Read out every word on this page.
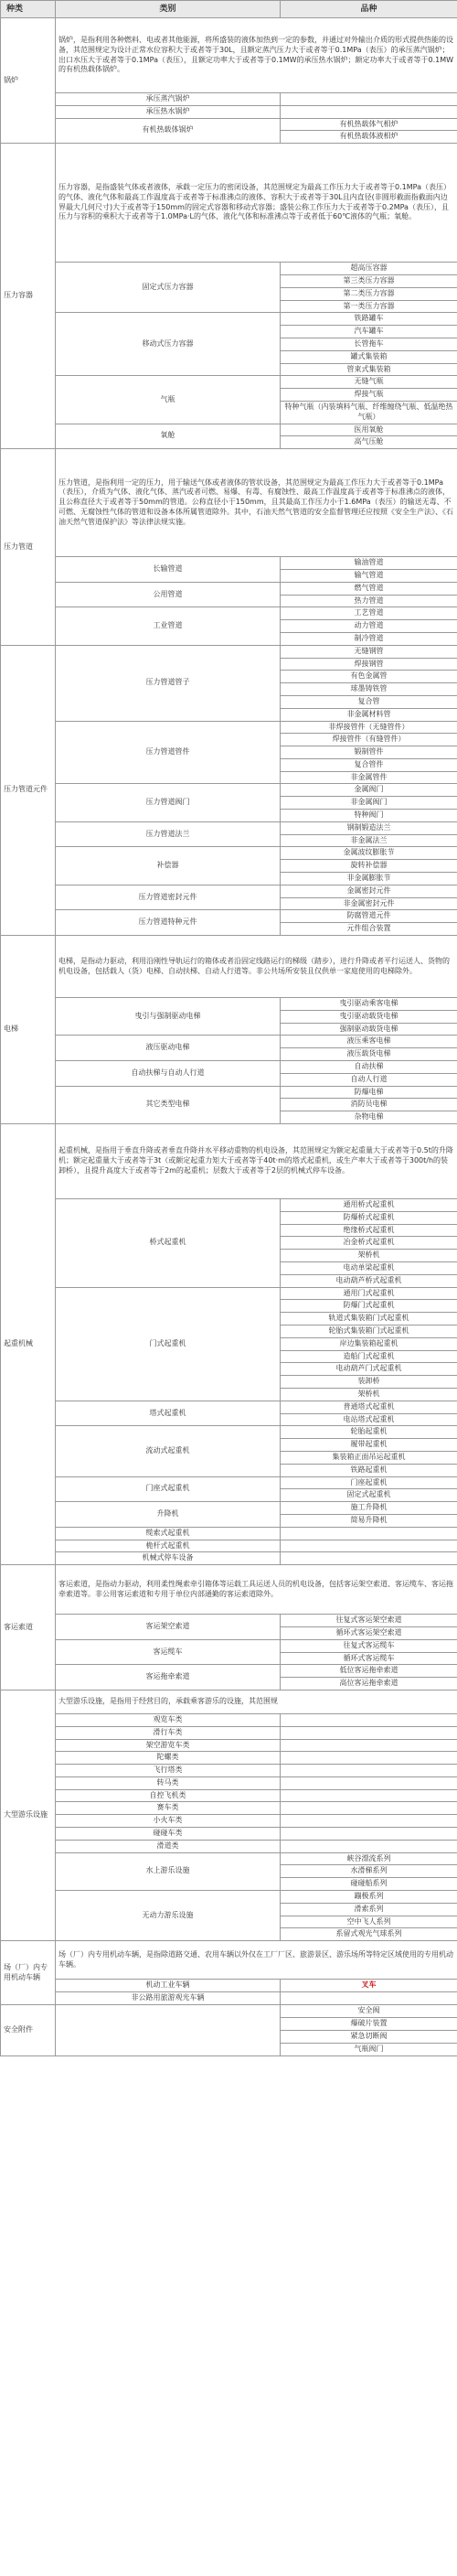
种类	类别	品种
锅炉	锅炉，是指利用各种燃料、电或者其他能源，将所盛装的液体加热到一定的参数，并通过对外输出介质的形式提供热能的设备，其范围规定为设计正常水位容积大于或者等于30L，且额定蒸汽压力大于或者等于0.1MPa（表压）的承压蒸汽锅炉；出口水压大于或者等于0.1MPa（表压），且额定功率大于或者等于0.1MW的承压热水锅炉；额定功率大于或者等于0.1MW的有机热载体锅炉。	
	承压蒸汽锅炉	
	承压热水锅炉	
	有机热载体锅炉	有机热载体气相炉
		有机热载体液相炉
压力容器	压力容器，是指盛装气体或者液体，承载一定压力的密闭设备，其范围规定为最高工作压力大于或者等于0.1MPa（表压）的气体、液化气体和最高工作温度高于或者等于标准沸点的液体、容积大于或者等于30L且内直径(非圆形截面指截面内边界最大几何尺寸)大于或者等于150mm的固定式容器和移动式容器；盛装公称工作压力大于或者等于0.2MPa（表压），且压力与容积的乘积大于或者等于1.0MPa·L的气体、液化气体和标准沸点等于或者低于60℃液体的气瓶；氧舱。	
	固定式压力容器	超高压容器
		第三类压力容器
		第二类压力容器
		第一类压力容器
	移动式压力容器	铁路罐车
		汽车罐车
		长管拖车
		罐式集装箱
		管束式集装箱
	气瓶	无缝气瓶
		焊接气瓶
		特种气瓶（内装填料气瓶、纤维缠绕气瓶、低温绝热气瓶）
	氧舱	医用氧舱
		高气压舱
压力管道	压力管道，是指利用一定的压力，用于输送气体或者液体的管状设备，其范围规定为最高工作压力大于或者等于0.1MPa（表压），介质为气体、液化气体、蒸汽或者可燃、易爆、有毒、有腐蚀性、最高工作温度高于或者等于标准沸点的液体，且公称直径大于或者等于50mm的管道。公称直径小于150mm，且其最高工作压力小于1.6MPa（表压）的输送无毒、不可燃、无腐蚀性气体的管道和设备本体所属管道除外。其中，石油天然气管道的安全监督管理还应按照《安全生产法》、《石油天然气管道保护法》等法律法规实施。	
	长输管道	输油管道
		输气管道
	公用管道	燃气管道
		热力管道
	工业管道	工艺管道
		动力管道
		制冷管道
压力管道元件	压力管道管子	无缝钢管
		焊接钢管
		有色金属管
		球墨铸铁管
		复合管
		非金属材料管
	压力管道管件	非焊接管件（无缝管件）
		焊接管件（有缝管件）
		锻制管件
		复合管件
		非金属管件
	压力管道阀门	金属阀门
		非金属阀门
		特种阀门
	压力管道法兰	钢制锻造法兰
		非金属法兰
	补偿器	金属波纹膨胀节
		旋转补偿器
		非金属膨胀节
	压力管道密封元件	金属密封元件
		非金属密封元件
	压力管道特种元件	防腐管道元件
		元件组合装置
电梯	电梯，是指动力驱动，利用沿刚性导轨运行的箱体或者沿固定线路运行的梯级（踏步），进行升降或者平行运送人、货物的机电设备，包括载人（货）电梯、自动扶梯、自动人行道等。非公共场所安装且仅供单一家庭使用的电梯除外。	
	曳引与强制驱动电梯	曳引驱动乘客电梯
		曳引驱动载货电梯
		强制驱动载货电梯
	液压驱动电梯	液压乘客电梯
		液压载货电梯
	自动扶梯与自动人行道	自动扶梯
		自动人行道
	其它类型电梯	防爆电梯
		消防员电梯
		杂物电梯
起重机械	起重机械，是指用于垂直升降或者垂直升降并水平移动重物的机电设备，其范围规定为额定起重量大于或者等于0.5t的升降机；额定起重量大于或者等于3t（或额定起重力矩大于或者等于40t·m的塔式起重机，或生产率大于或者等于300t/h的装卸桥），且提升高度大于或者等于2m的起重机；层数大于或者等于2层的机械式停车设备。	
	桥式起重机	通用桥式起重机
		防爆桥式起重机
		绝缘桥式起重机
		冶金桥式起重机
		架桥机
		电动单梁起重机
		电动葫芦桥式起重机
	门式起重机	通用门式起重机
		防爆门式起重机
		轨道式集装箱门式起重机
		轮胎式集装箱门式起重机
		岸边集装箱起重机
		造船门式起重机
		电动葫芦门式起重机
		装卸桥
		架桥机
	塔式起重机	普通塔式起重机
		电站塔式起重机
	流动式起重机	轮胎起重机
		履带起重机
		集装箱正面吊运起重机
		铁路起重机
	门座式起重机	门座起重机
		固定式起重机
	升降机	施工升降机
		简易升降机
	缆索式起重机	
	桅杆式起重机	
	机械式停车设备	
客运索道	客运索道，是指动力驱动，利用柔性绳索牵引箱体等运载工具运送人员的机电设备，包括客运架空索道、客运缆车、客运拖牵索道等。非公用客运索道和专用于单位内部通勤的客运索道除外。	
	客运架空索道	往复式客运架空索道
		循环式客运架空索道
	客运缆车	往复式客运缆车
		循环式客运缆车
	客运拖牵索道	低位客运拖牵索道
		高位客运拖牵索道
大型游乐设施	大型游乐设施，是指用于经营目的，承载乘客游乐的设施，其范围规	
	观览车类	
	滑行车类	
	架空游览车类	
	陀螺类	
	飞行塔类	
	转马类	
	自控飞机类	
	赛车类	
	小火车类	
	碰碰车类	
	滑道类	
	水上游乐设施	峡谷漂流系列
		水滑梯系列
		碰碰船系列
	无动力游乐设施	蹦极系列
		滑索系列
		空中飞人系列
		系留式观光气球系列
场（厂）内专用机动车辆	场（厂）内专用机动车辆，是指除道路交通、农用车辆以外仅在工厂厂区、旅游景区、游乐场所等特定区域使用的专用机动车辆。	
	机动工业车辆	叉车
	非公路用旅游观光车辆	
安全附件		安全阀
		爆破片装置
		紧急切断阀
		气瓶阀门
